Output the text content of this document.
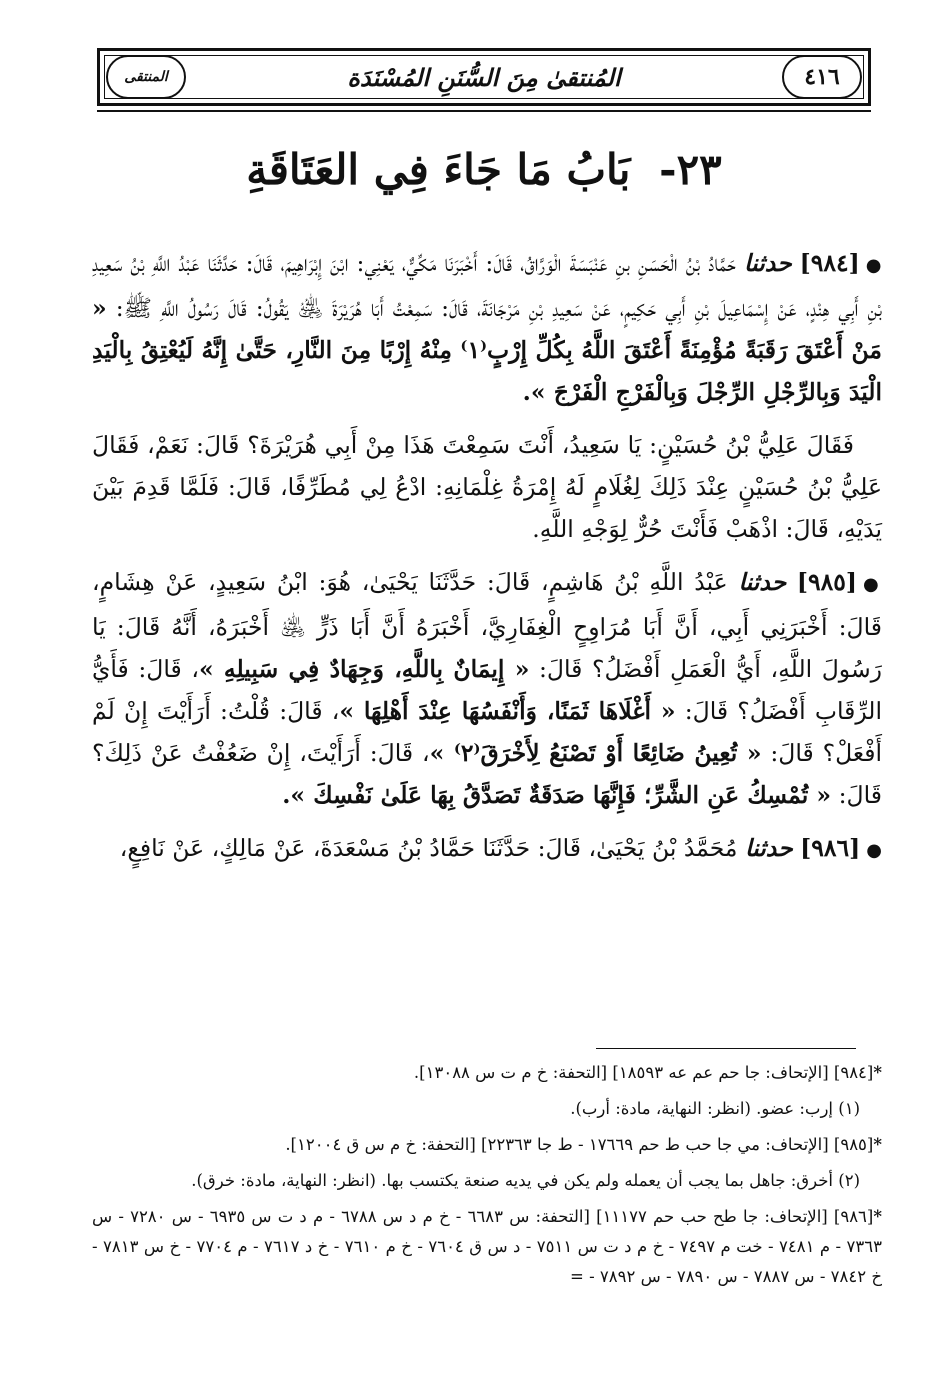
٤١٦
المُنتقىٰ مِنَ السُّنَنِ المُسْنَدَة
المنتقى
٢٣- بَابُ مَا جَاءَ فِي العَتَاقَةِ

●[٩٨٤] حدثنا حَمَّادُ بْنُ الْحَسَنِ بنِ عَنْبَسَةَ الْوَرَّاقُ، قَالَ: أَخْبَرَنَا مَكِّيٌّ، يَعْنِي: ابْنَ إِبْرَاهِيمَ، قَالَ: حَدَّثَنَا عَبْدُ اللَّهِ بْنُ سَعِيدِ بْنِ أَبِي هِنْدٍ، عَنْ إِسْمَاعِيلَ بْنِ أَبِي حَكِيمٍ، عَنْ سَعِيدِ بْنِ مَرْجَانَةَ، قَالَ: سَمِعْتُ أَبَا هُرَيْرَةَ ﵁ يَقُولُ: قَالَ رَسُولُ اللَّهِ ﷺ: « مَنْ أَعْتَقَ رَقَبَةً مُؤْمِنَةً أَعْتَقَ اللَّهُ بِكُلِّ إِرْبٍ⁽١⁾ مِنْهُ إِرْبًا مِنَ النَّارِ، حَتَّىٰ إِنَّهُ لَيُعْتِقُ بِالْيَدِ الْيَدَ وَبِالرِّجْلِ الرِّجْلَ وَبِالْفَرْجِ الْفَرْجَ ».

فَقَالَ عَلِيُّ بْنُ حُسَيْنٍ: يَا سَعِيدُ، أَنْتَ سَمِعْتَ هَذَا مِنْ أَبِي هُرَيْرَةَ؟ قَالَ: نَعَمْ، فَقَالَ عَلِيُّ بْنُ حُسَيْنٍ عِنْدَ ذَلِكَ لِغُلَامٍ لَهُ إِمْرَةُ غِلْمَانِهِ: ادْعُ لِي مُطَرِّفًا، قَالَ: فَلَمَّا قَدِمَ بَيْنَ يَدَيْهِ، قَالَ: اذْهَبْ فَأَنْتَ حُرٌّ لِوَجْهِ اللَّهِ.

●[٩٨٥] حدثنا عَبْدُ اللَّهِ بْنُ هَاشِمٍ، قَالَ: حَدَّثَنَا يَحْيَىٰ، هُوَ: ابْنُ سَعِيدٍ، عَنْ هِشَامٍ، قَالَ: أَخْبَرَنِي أَبِي، أَنَّ أَبَا مُرَاوِحٍ الْغِفَارِيَّ، أَخْبَرَهُ أَنَّ أَبَا ذَرٍّ ﵁ أَخْبَرَهُ، أَنَّهُ قَالَ: يَا رَسُولَ اللَّهِ، أَيُّ الْعَمَلِ أَفْضَلُ؟ قَالَ: « إِيمَانٌ بِاللَّهِ، وَجِهَادٌ فِي سَبِيلِهِ »، قَالَ: فَأَيُّ الرِّقَابِ أَفْضَلُ؟ قَالَ: « أَغْلَاهَا ثَمَنًا، وَأَنْفَسُهَا عِنْدَ أَهْلِهَا »، قَالَ: قُلْتُ: أَرَأَيْتَ إِنْ لَمْ أَفْعَلْ؟ قَالَ: « تُعِينُ ضَائِعًا أَوْ تَصْنَعُ لِأَخْرَقَ⁽٢⁾ »، قَالَ: أَرَأَيْتَ، إِنْ ضَعُفْتُ عَنْ ذَلِكَ؟ قَالَ: « تُمْسِكُ عَنِ الشَّرِّ؛ فَإِنَّهَا صَدَقَةٌ تَصَدَّقُ بِهَا عَلَىٰ نَفْسِكَ ».

●[٩٨٦] حدثنا مُحَمَّدُ بْنُ يَحْيَىٰ، قَالَ: حَدَّثَنَا حَمَّادُ بْنُ مَسْعَدَةَ، عَنْ مَالِكٍ، عَنْ نَافِعٍ،

*[٩٨٤] [الإتحاف: جا حم عم عه ١٨٥٩٣] [التحفة: خ م ت س ١٣٠٨٨].

(١) إرب: عضو. (انظر: النهاية، مادة: أرب).

*[٩٨٥] [الإتحاف: مي جا حب ط حم ١٧٦٦٩ - ط جا ٢٢٣٦٣] [التحفة: خ م س ق ١٢٠٠٤].

(٢) أخرق: جاهل بما يجب أن يعمله ولم يكن في يديه صنعة يكتسب بها. (انظر: النهاية، مادة: خرق).

*[٩٨٦] [الإتحاف: جا طح حب حم ١١١٧٧] [التحفة: س ٦٦٨٣ - خ م د س ٦٧٨٨ - م د ت س ٦٩٣٥ - س ٧٢٨٠ - س ٧٣٦٣ - م ٧٤٨١ - خت م ٧٤٩٧ - خ م د ت س ٧٥١١ - د س ق ٧٦٠٤ - خ م ٧٦١٠ - خ د ٧٦١٧ - م ٧٧٠٤ - خ س ٧٨١٣ - خ ٧٨٤٢ - س ٧٨٨٧ - س ٧٨٩٠ - س ٧٨٩٢ - =
